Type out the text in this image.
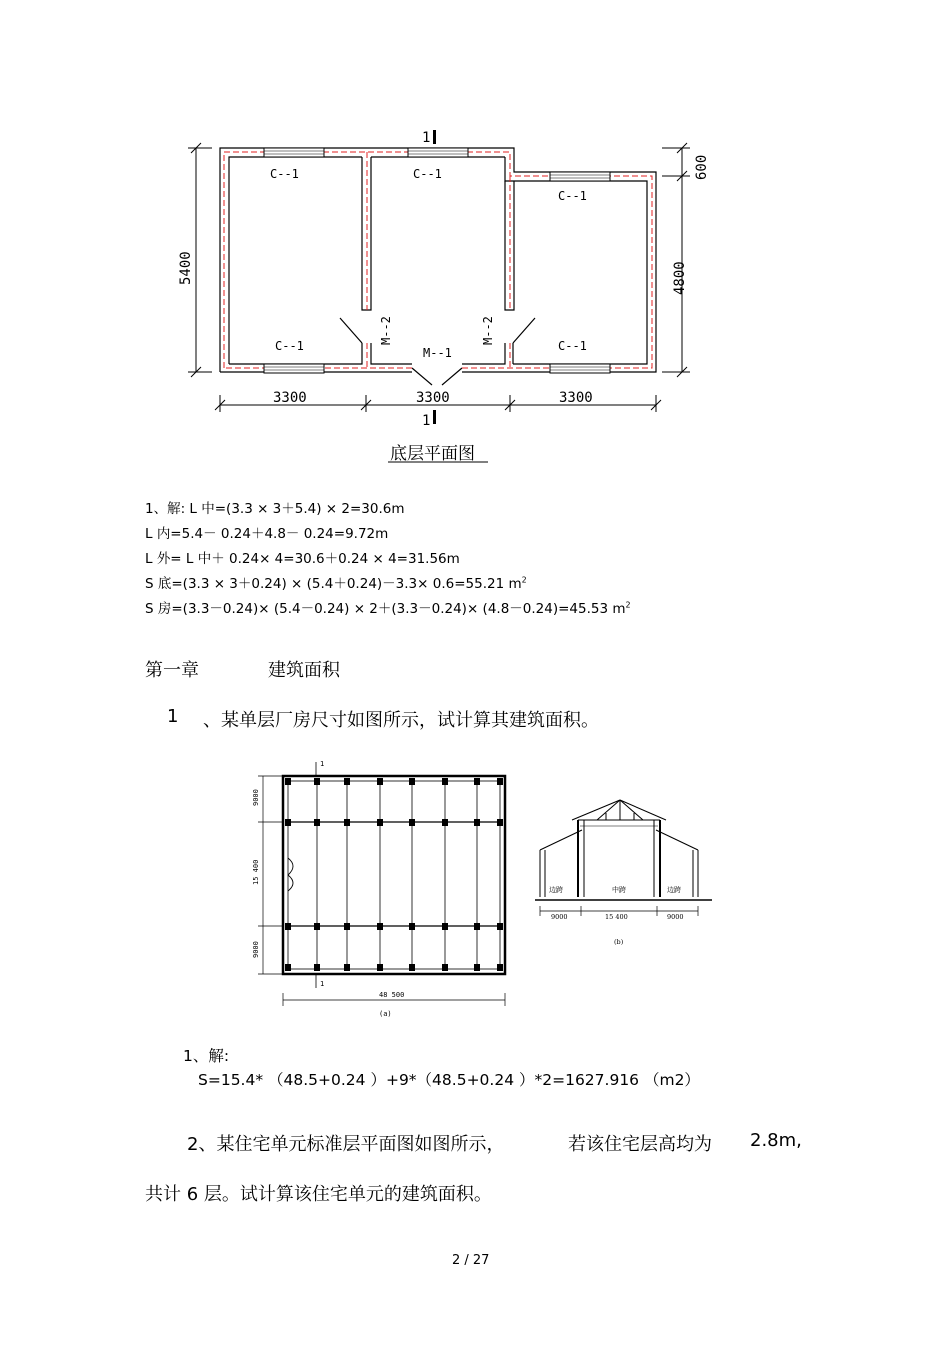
3300	3300	3300
5400
600
4800
C--1	C--1
C--1
C--1	C--1
M--2	M--2
M--1
1
1
底层平面图
1、解: L 中=(3.3 × 3＋5.4) × 2=30.6m
L 内=5.4－ 0.24＋4.8－ 0.24=9.72m
L 外= L 中＋ 0.24× 4=30.6＋0.24 × 4=31.56m
S 底=(3.3 × 3＋0.24) × (5.4＋0.24)－3.3× 0.6=55.21 $m^2$
S 房=(3.3－0.24)× (5.4－0.24) × 2＋(3.3－0.24)× (4.8－0.24)=45.53 $m^2$
第一章	建筑面积
1 、某单层厂房尺寸如图所示，试计算其建筑面积。
9000
15 400
9000
48 500
(a)
1
1
边跨	中跨	边跨
9000	15 400	9000
(b)
1、解:
S=15.4* （48.5+0.24 ）+9*（48.5+0.24 ）*2=1627.916 （m2）
2、某住宅单元标准层平面图如图所示，	若该住宅层高均为 2.8m,
共计 6 层。试计算该住宅单元的建筑面积。
2 / 27
